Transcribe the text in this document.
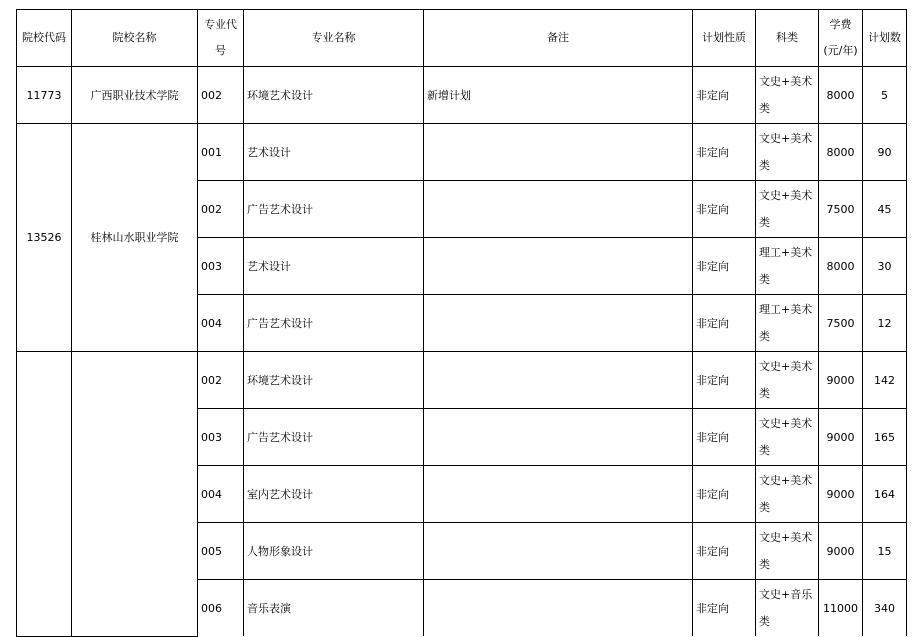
院校代码	院校名称	专业代号	专业名称	备注	计划性质	科类	学费(元/年)	计划数
11773	广西职业技术学院	002	环境艺术设计	新增计划	非定向	文史+美术类	8000	5
13526	桂林山水职业学院	001	艺术设计		非定向	文史+美术类	8000	90
		002	广告艺术设计		非定向	文史+美术类	7500	45
		003	艺术设计		非定向	理工+美术类	8000	30
		004	广告艺术设计		非定向	理工+美术类	7500	12
		002	环境艺术设计		非定向	文史+美术类	9000	142
		003	广告艺术设计		非定向	文史+美术类	9000	165
		004	室内艺术设计		非定向	文史+美术类	9000	164
		005	人物形象设计		非定向	文史+美术类	9000	15
		006	音乐表演		非定向	文史+音乐类	11000	340
